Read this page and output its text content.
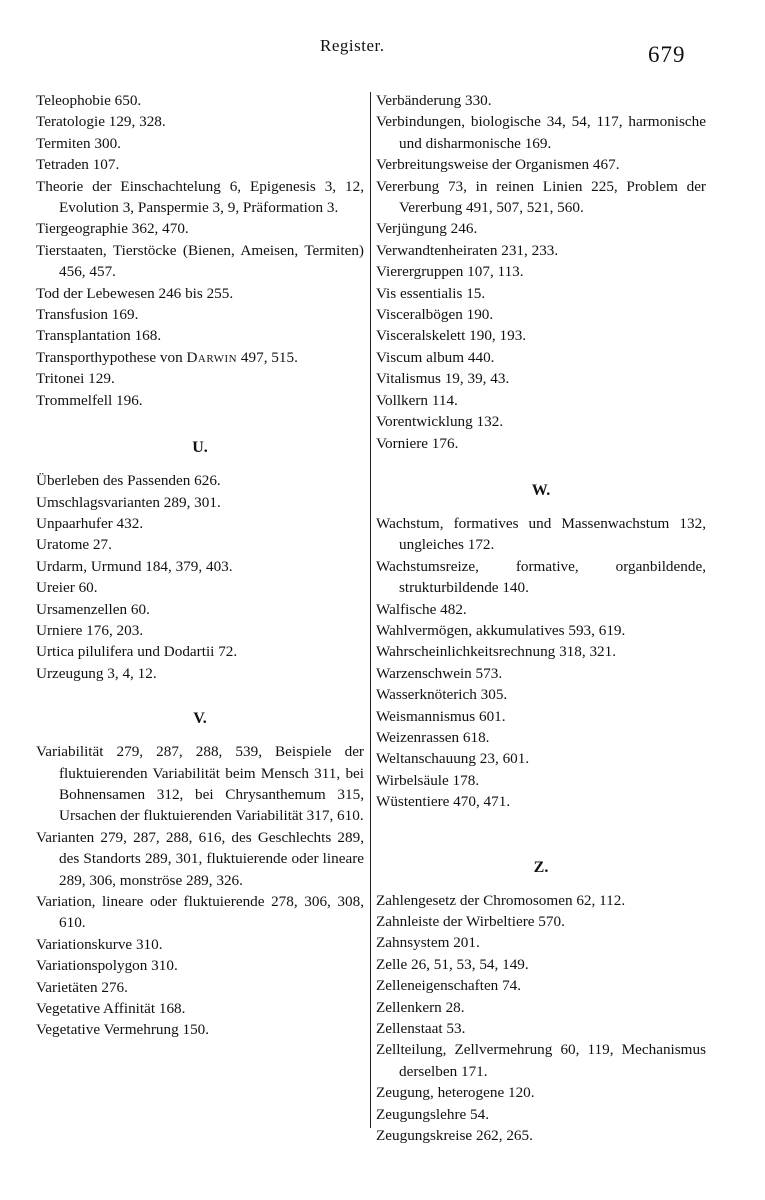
Register.	679
Teleophobie 650.
Teratologie 129, 328.
Termiten 300.
Tetraden 107.
Theorie der Einschachtelung 6, Epigenesis 3, 12, Evolution 3, Panspermie 3, 9, Präformation 3.
Tiergeographie 362, 470.
Tierstaaten, Tierstöcke (Bienen, Ameisen, Termiten) 456, 457.
Tod der Lebewesen 246 bis 255.
Transfusion 169.
Transplantation 168.
Transporthypothese von Darwin 497, 515.
Tritonei 129.
Trommelfell 196.
U.
Überleben des Passenden 626.
Umschlagsvarianten 289, 301.
Unpaarhufer 432.
Uratome 27.
Urdarm, Urmund 184, 379, 403.
Ureier 60.
Ursamenzellen 60.
Urniere 176, 203.
Urtica pilulifera und Dodartii 72.
Urzeugung 3, 4, 12.
V.
Variabilität 279, 287, 288, 539, Beispiele der fluktuierenden Variabilität beim Mensch 311, bei Bohnensamen 312, bei Chrysanthemum 315, Ursachen der fluktuierenden Variabilität 317, 610.
Varianten 279, 287, 288, 616, des Geschlechts 289, des Standorts 289, 301, fluktuierende oder lineare 289, 306, monströse 289, 326.
Variation, lineare oder fluktuierende 278, 306, 308, 610.
Variationskurve 310.
Variationspolygon 310.
Varietäten 276.
Vegetative Affinität 168.
Vegetative Vermehrung 150.
Verbänderung 330.
Verbindungen, biologische 34, 54, 117, harmonische und disharmonische 169.
Verbreitungsweise der Organismen 467.
Vererbung 73, in reinen Linien 225, Problem der Vererbung 491, 507, 521, 560.
Verjüngung 246.
Verwandtenheiraten 231, 233.
Vierergruppen 107, 113.
Vis essentialis 15.
Visceralbögen 190.
Visceralskelett 190, 193.
Viscum album 440.
Vitalismus 19, 39, 43.
Vollkern 114.
Vorentwicklung 132.
Vorniere 176.
W.
Wachstum, formatives und Massenwachstum 132, ungleiches 172.
Wachstumsreize, formative, organbildende, strukturbildende 140.
Walfische 482.
Wahlvermögen, akkumulatives 593, 619.
Wahrscheinlichkeitsrechnung 318, 321.
Warzenschwein 573.
Wasserknöterich 305.
Weismannismus 601.
Weizenrassen 618.
Weltanschauung 23, 601.
Wirbelsäule 178.
Wüstentiere 470, 471.
Z.
Zahlengesetz der Chromosomen 62, 112.
Zahnleiste der Wirbeltiere 570.
Zahnsystem 201.
Zelle 26, 51, 53, 54, 149.
Zelleneigenschaften 74.
Zellenkern 28.
Zellenstaat 53.
Zellteilung, Zellvermehrung 60, 119, Mechanismus derselben 171.
Zeugung, heterogene 120.
Zeugungslehre 54.
Zeugungskreise 262, 265.
